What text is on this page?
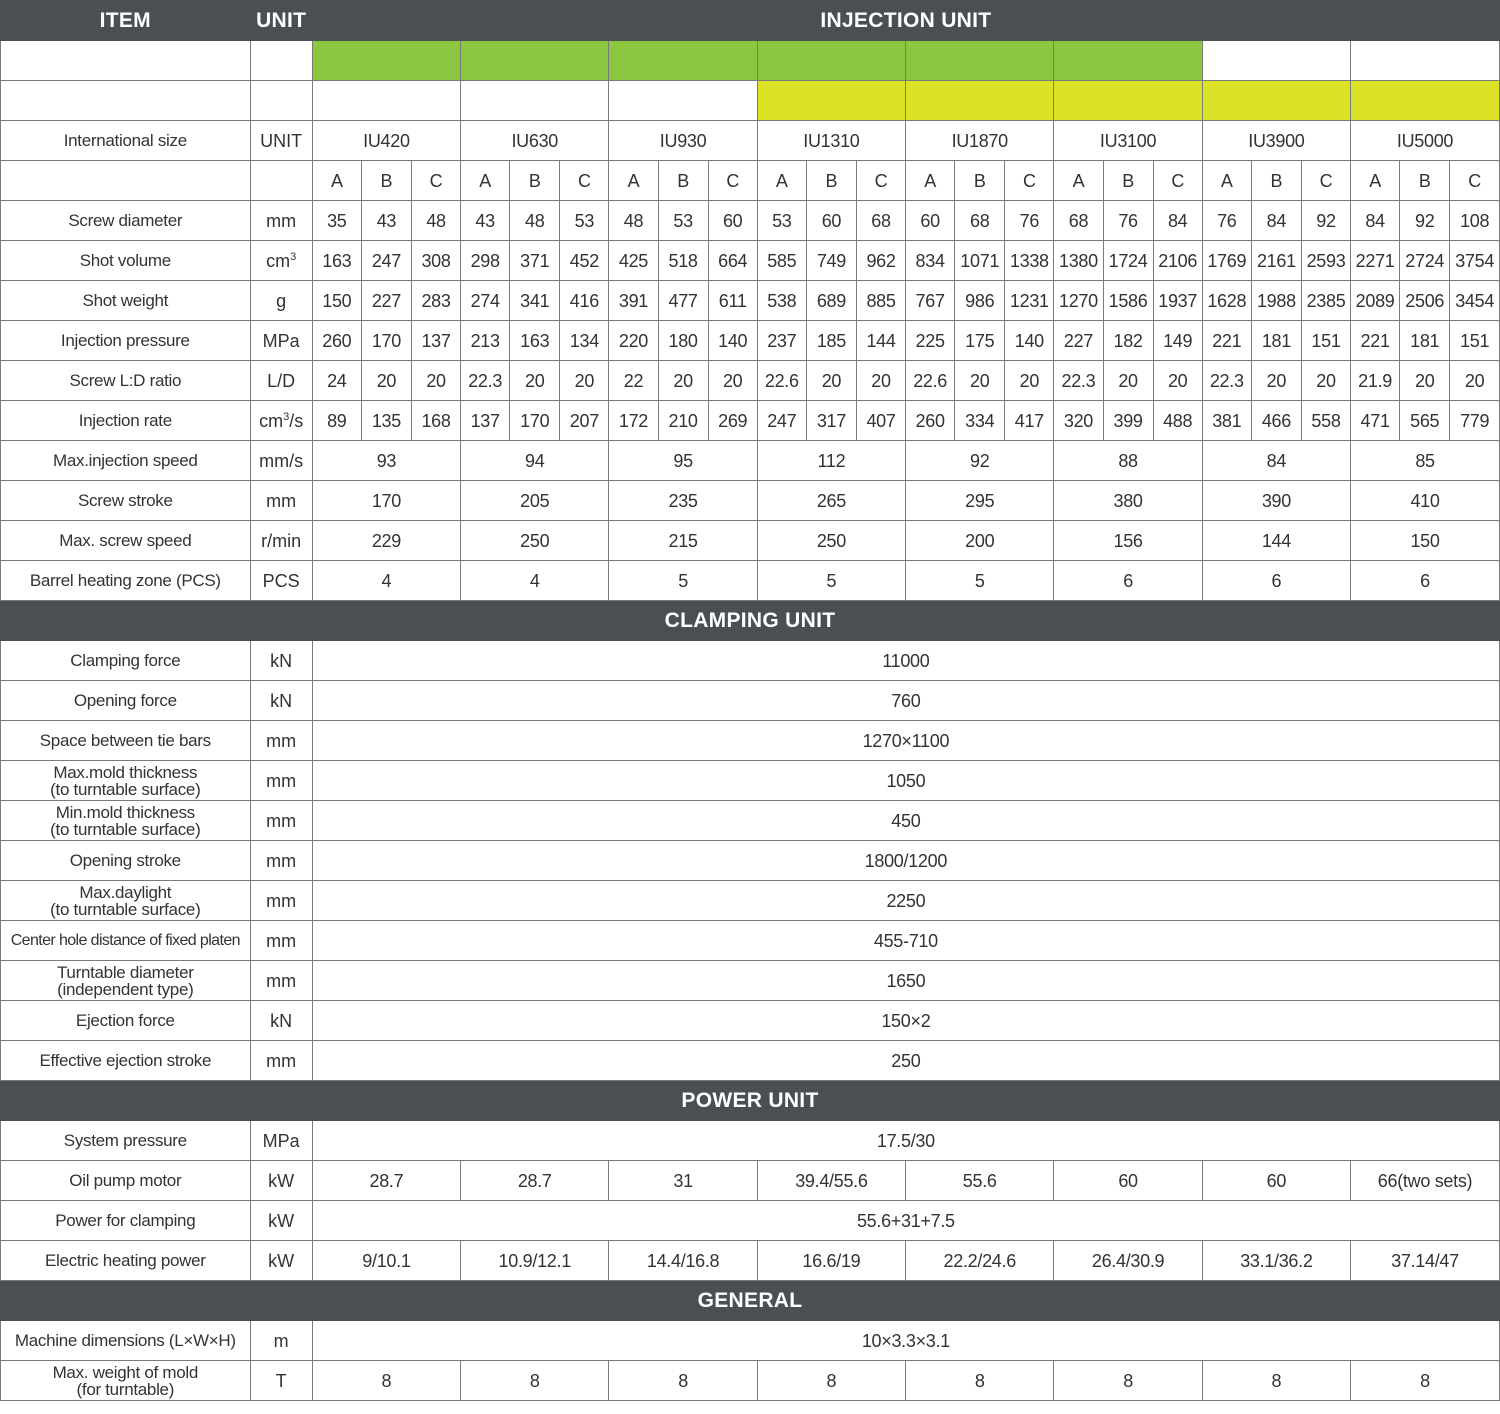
ITEM	UNIT	INJECTION UNIT																							

International size	UNIT	IU420			IU630			IU930			IU1310			IU1870			IU3100			IU3900			IU5000		
		A	B	C	A	B	C	A	B	C	A	B	C	A	B	C	A	B	C	A	B	C	A	B	C
Screw diameter	mm	35	43	48	43	48	53	48	53	60	53	60	68	60	68	76	68	76	84	76	84	92	84	92	108
Shot volume	$cm^3$	163	247	308	298	371	452	425	518	664	585	749	962	834	1071	1338	1380	1724	2106	1769	2161	2593	2271	2724	3754
Shot weight	g	150	227	283	274	341	416	391	477	611	538	689	885	767	986	1231	1270	1586	1937	1628	1988	2385	2089	2506	3454
Injection pressure	MPa	260	170	137	213	163	134	220	180	140	237	185	144	225	175	140	227	182	149	221	181	151	221	181	151
Screw L:D ratio	L/D	24	20	20	22.3	20	20	22	20	20	22.6	20	20	22.6	20	20	22.3	20	20	22.3	20	20	21.9	20	20
Injection rate	$cm^3/s$	89	135	168	137	170	207	172	210	269	247	317	407	260	334	417	320	399	488	381	466	558	471	565	779
Max.injection speed	mm/s	93			94			95			112			92			88			84			85		
Screw stroke	mm	170			205			235			265			295			380			390			410		
Max. screw speed	r/min	229			250			215			250			200			156			144			150		
Barrel heating zone (PCS)	PCS	4			4			5			5			5			6			6			6		
CLAMPING UNIT																									
Clamping force	kN	11000																							
Opening force	kN	760																							
Space between tie bars	mm	1270×1100																							

Max.mold thickness
(to turntable surface)	mm	1050																							

Min.mold thickness
(to turntable surface)	mm	450																							
Opening stroke	mm	1800/1200																							

Max.daylight
(to turntable surface)	mm	2250																							
Center hole distance of fixed platen	mm	455-710																							

Turntable diameter
(independent type)	mm	1650																							
Ejection force	kN	150×2																							
Effective ejection stroke	mm	250																							
POWER UNIT																									
System pressure	MPa	17.5/30																							
Oil pump motor	kW	28.7			28.7			31			39.4/55.6			55.6			60			60			66(two sets)		
Power for clamping	kW	55.6+31+7.5																							
Electric heating power	kW	9/10.1			10.9/12.1			14.4/16.8			16.6/19			22.2/24.6			26.4/30.9			33.1/36.2			37.14/47		
GENERAL																									
Machine dimensions (L×W×H)	m	10×3.3×3.1																							

Max. weight of mold
(for turntable)	T	8			8			8			8			8			8			8			8		
